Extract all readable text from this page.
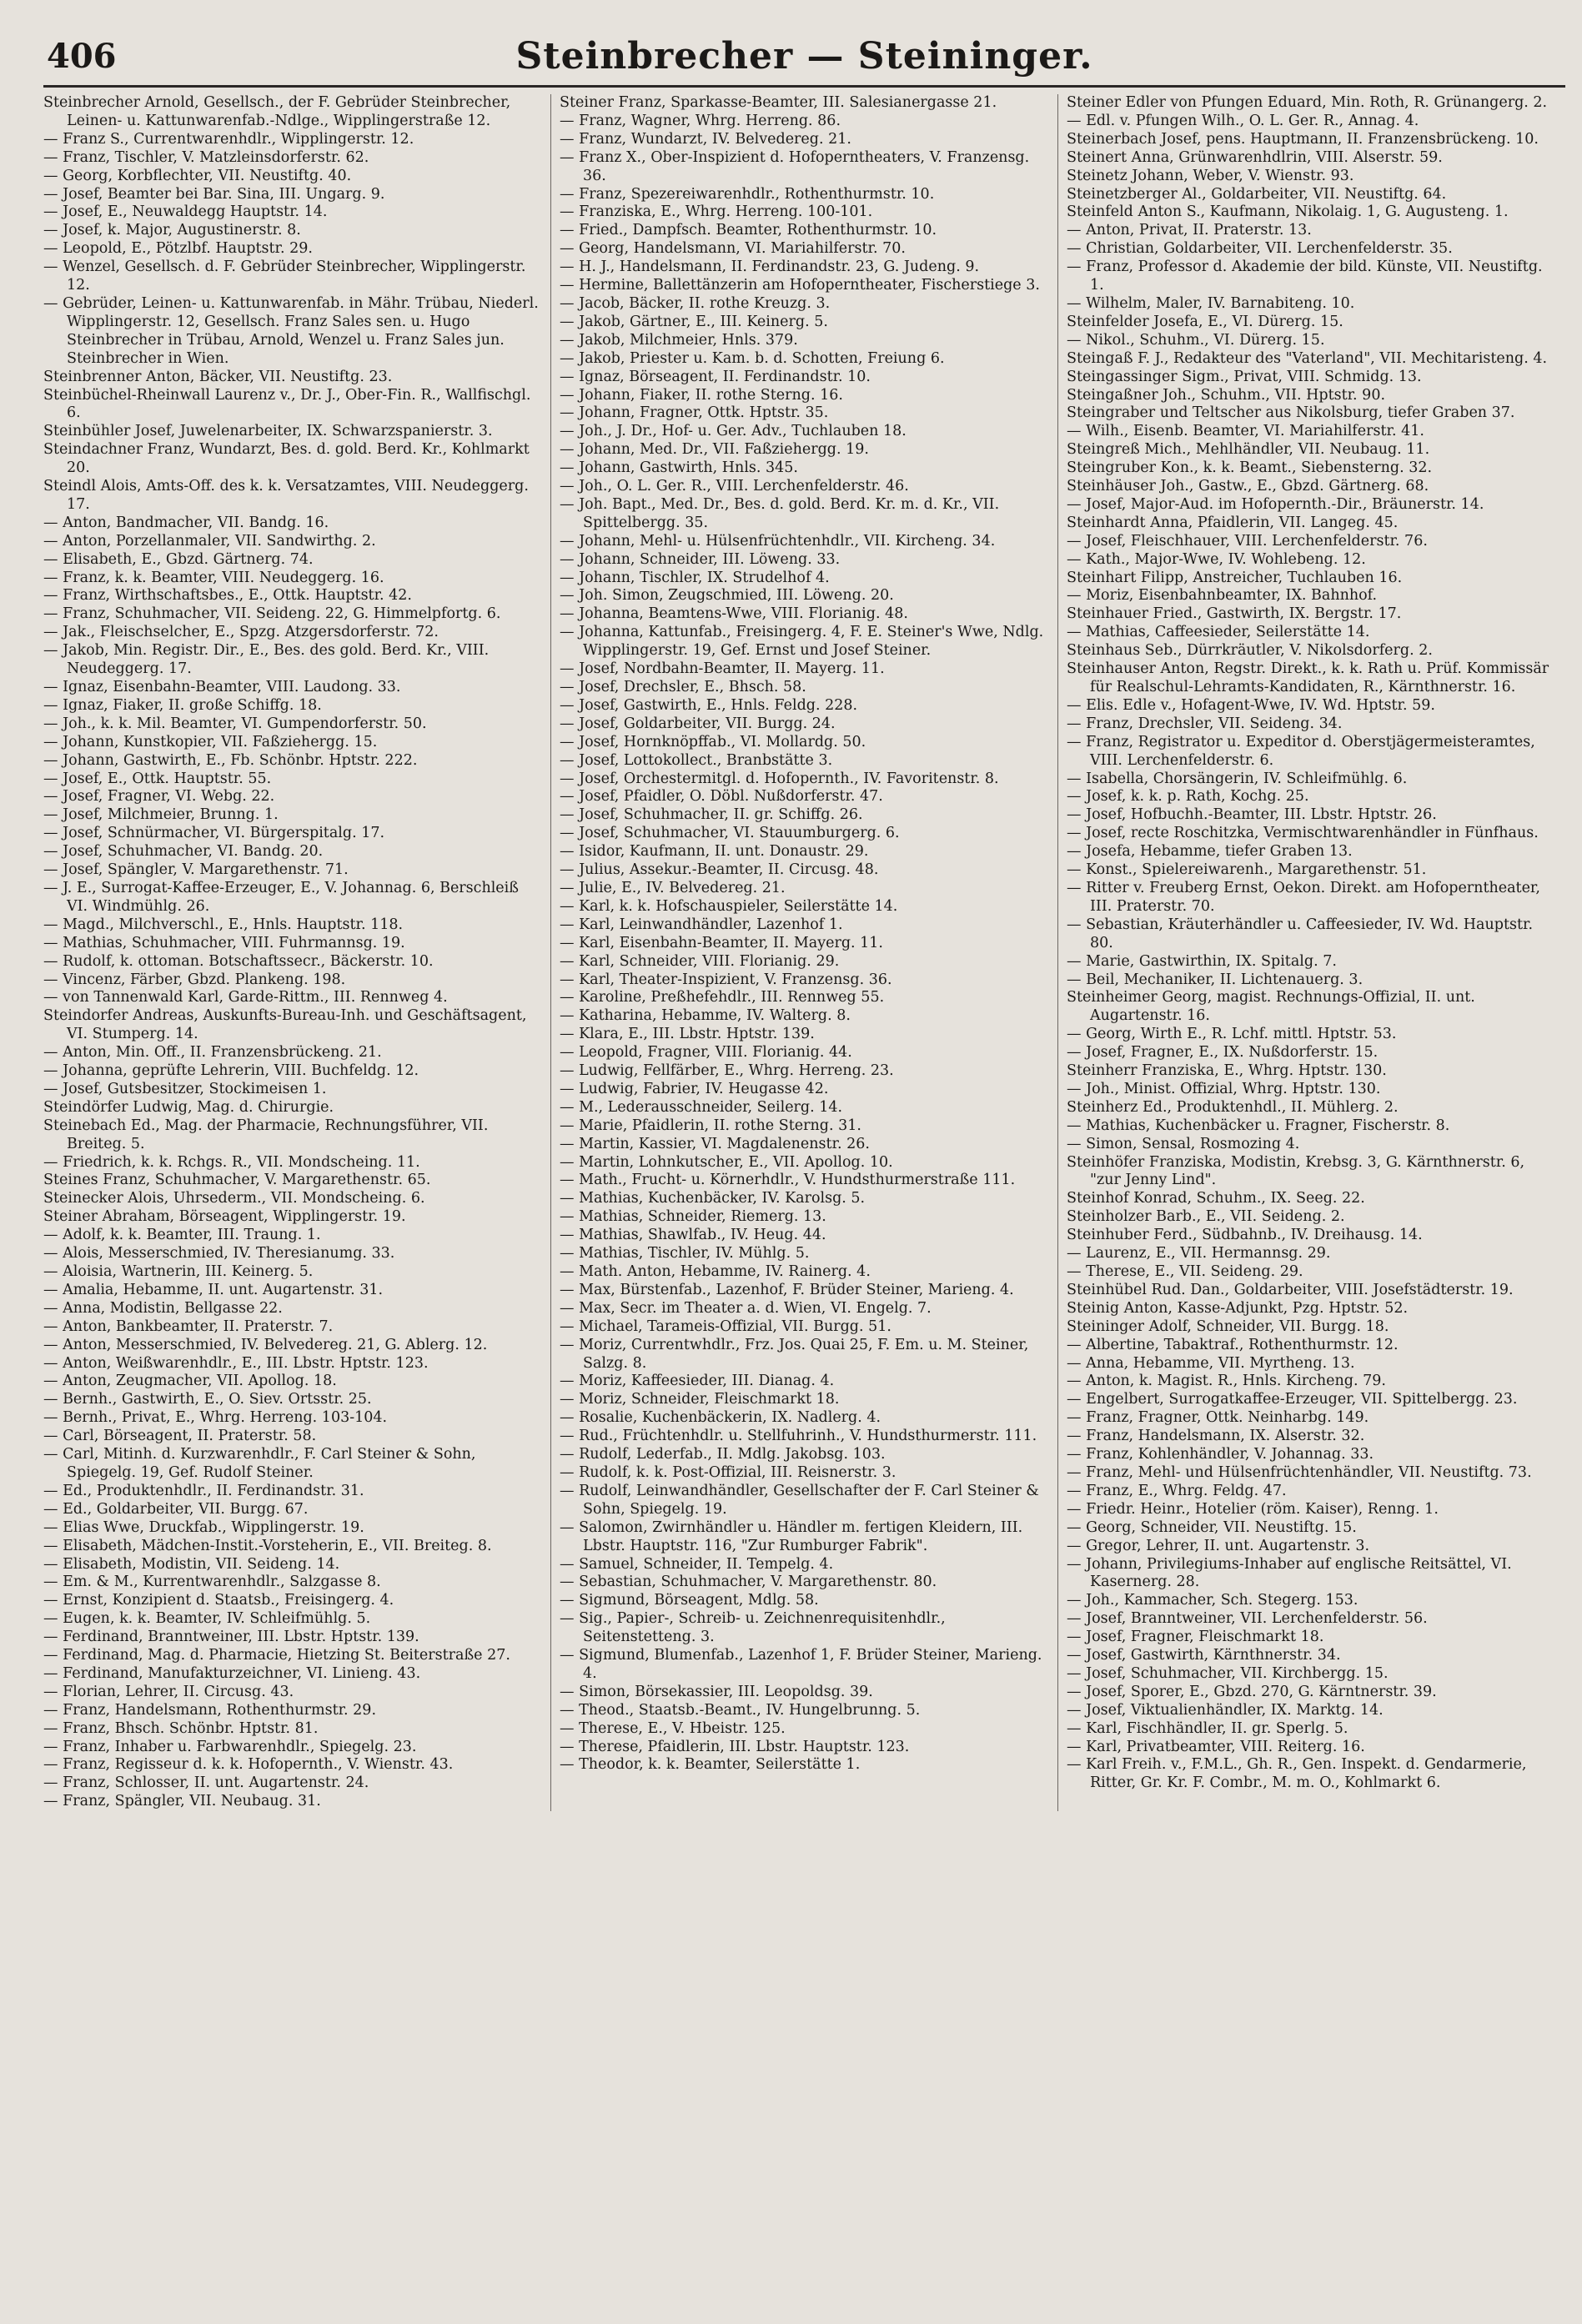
406	Steinbrecher — Steininger.

Steinbrecher Arnold, Gesellsch., der F. Gebrüder Steinbrecher, Leinen- u. Kattunwarenfab.-Ndlge., Wipplingerstraße 12.

— Franz S., Currentwarenhdlr., Wipplingerstr. 12.

— Franz, Tischler, V. Matzleinsdorferstr. 62.

— Georg, Korbflechter, VII. Neustiftg. 40.

— Josef, Beamter bei Bar. Sina, III. Ungarg. 9.

— Josef, E., Neuwaldegg Hauptstr. 14.

— Josef, k. Major, Augustinerstr. 8.

— Leopold, E., Pötzlbf. Hauptstr. 29.

— Wenzel, Gesellsch. d. F. Gebrüder Steinbrecher, Wipplingerstr. 12.

— Gebrüder, Leinen- u. Kattunwarenfab. in Mähr. Trübau, Niederl. Wipplingerstr. 12, Gesellsch. Franz Sales sen. u. Hugo Steinbrecher in Trübau, Arnold, Wenzel u. Franz Sales jun. Steinbrecher in Wien.

Steinbrenner Anton, Bäcker, VII. Neustiftg. 23.

Steinbüchel-Rheinwall Laurenz v., Dr. J., Ober-Fin. R., Wallfischgl. 6.

Steinbühler Josef, Juwelenarbeiter, IX. Schwarzspanierstr. 3.

Steindachner Franz, Wundarzt, Bes. d. gold. Berd. Kr., Kohlmarkt 20.

Steindl Alois, Amts-Off. des k. k. Versatzamtes, VIII. Neudeggerg. 17.

— Anton, Bandmacher, VII. Bandg. 16.

— Anton, Porzellanmaler, VII. Sandwirthg. 2.

— Elisabeth, E., Gbzd. Gärtnerg. 74.

— Franz, k. k. Beamter, VIII. Neudeggerg. 16.

— Franz, Wirthschaftsbes., E., Ottk. Hauptstr. 42.

— Franz, Schuhmacher, VII. Seideng. 22, G. Himmelpfortg. 6.

— Jak., Fleischselcher, E., Spzg. Atzgersdorferstr. 72.

— Jakob, Min. Registr. Dir., E., Bes. des gold. Berd. Kr., VIII. Neudeggerg. 17.

— Ignaz, Eisenbahn-Beamter, VIII. Laudong. 33.

— Ignaz, Fiaker, II. große Schiffg. 18.

— Joh., k. k. Mil. Beamter, VI. Gumpendorferstr. 50.

— Johann, Kunstkopier, VII. Faßziehergg. 15.

— Johann, Gastwirth, E., Fb. Schönbr. Hptstr. 222.

— Josef, E., Ottk. Hauptstr. 55.

— Josef, Fragner, VI. Webg. 22.

— Josef, Milchmeier, Brunng. 1.

— Josef, Schnürmacher, VI. Bürgerspitalg. 17.

— Josef, Schuhmacher, VI. Bandg. 20.

— Josef, Spängler, V. Margarethenstr. 71.

— J. E., Surrogat-Kaffee-Erzeuger, E., V. Johannag. 6, Berschleiß VI. Windmühlg. 26.

— Magd., Milchverschl., E., Hnls. Hauptstr. 118.

— Mathias, Schuhmacher, VIII. Fuhrmannsg. 19.

— Rudolf, k. ottoman. Botschaftssecr., Bäckerstr. 10.

— Vincenz, Färber, Gbzd. Plankeng. 198.

— von Tannenwald Karl, Garde-Rittm., III. Rennweg 4.

Steindorfer Andreas, Auskunfts-Bureau-Inh. und Geschäftsagent, VI. Stumperg. 14.

— Anton, Min. Off., II. Franzensbrückeng. 21.

— Johanna, geprüfte Lehrerin, VIII. Buchfeldg. 12.

— Josef, Gutsbesitzer, Stockimeisen 1.

Steindörfer Ludwig, Mag. d. Chirurgie.

Steinebach Ed., Mag. der Pharmacie, Rechnungsführer, VII. Breiteg. 5.

— Friedrich, k. k. Rchgs. R., VII. Mondscheing. 11.

Steines Franz, Schuhmacher, V. Margarethenstr. 65.

Steinecker Alois, Uhrsederm., VII. Mondscheing. 6.

Steiner Abraham, Börseagent, Wipplingerstr. 19.

— Adolf, k. k. Beamter, III. Traung. 1.

— Alois, Messerschmied, IV. Theresianumg. 33.

— Aloisia, Wartnerin, III. Keinerg. 5.

— Amalia, Hebamme, II. unt. Augartenstr. 31.

— Anna, Modistin, Bellgasse 22.

— Anton, Bankbeamter, II. Praterstr. 7.

— Anton, Messerschmied, IV. Belvedereg. 21, G. Ablerg. 12.

— Anton, Weißwarenhdlr., E., III. Lbstr. Hptstr. 123.

— Anton, Zeugmacher, VII. Apollog. 18.

— Bernh., Gastwirth, E., O. Siev. Ortsstr. 25.

— Bernh., Privat, E., Whrg. Herreng. 103-104.

— Carl, Börseagent, II. Praterstr. 58.

— Carl, Mitinh. d. Kurzwarenhdlr., F. Carl Steiner & Sohn, Spiegelg. 19, Gef. Rudolf Steiner.

— Ed., Produktenhdlr., II. Ferdinandstr. 31.

— Ed., Goldarbeiter, VII. Burgg. 67.

— Elias Wwe, Druckfab., Wipplingerstr. 19.

— Elisabeth, Mädchen-Instit.-Vorsteherin, E., VII. Breiteg. 8.

— Elisabeth, Modistin, VII. Seideng. 14.

— Em. & M., Kurrentwarenhdlr., Salzgasse 8.

— Ernst, Konzipient d. Staatsb., Freisingerg. 4.

— Eugen, k. k. Beamter, IV. Schleifmühlg. 5.

— Ferdinand, Branntweiner, III. Lbstr. Hptstr. 139.

— Ferdinand, Mag. d. Pharmacie, Hietzing St. Beiterstraße 27.

— Ferdinand, Manufakturzeichner, VI. Linieng. 43.

— Florian, Lehrer, II. Circusg. 43.

— Franz, Handelsmann, Rothenthurmstr. 29.

— Franz, Bhsch. Schönbr. Hptstr. 81.

— Franz, Inhaber u. Farbwarenhdlr., Spiegelg. 23.

— Franz, Regisseur d. k. k. Hofopernth., V. Wienstr. 43.

— Franz, Schlosser, II. unt. Augartenstr. 24.

— Franz, Spängler, VII. Neubaug. 31.

Steiner Franz, Sparkasse-Beamter, III. Salesianergasse 21.

— Franz, Wagner, Whrg. Herreng. 86.

— Franz, Wundarzt, IV. Belvedereg. 21.

— Franz X., Ober-Inspizient d. Hofoperntheaters, V. Franzensg. 36.

— Franz, Spezereiwarenhdlr., Rothenthurmstr. 10.

— Franziska, E., Whrg. Herreng. 100-101.

— Fried., Dampfsch. Beamter, Rothenthurmstr. 10.

— Georg, Handelsmann, VI. Mariahilferstr. 70.

— H. J., Handelsmann, II. Ferdinandstr. 23, G. Judeng. 9.

— Hermine, Ballettänzerin am Hofoperntheater, Fischerstiege 3.

— Jacob, Bäcker, II. rothe Kreuzg. 3.

— Jakob, Gärtner, E., III. Keinerg. 5.

— Jakob, Milchmeier, Hnls. 379.

— Jakob, Priester u. Kam. b. d. Schotten, Freiung 6.

— Ignaz, Börseagent, II. Ferdinandstr. 10.

— Johann, Fiaker, II. rothe Sterng. 16.

— Johann, Fragner, Ottk. Hptstr. 35.

— Joh., J. Dr., Hof- u. Ger. Adv., Tuchlauben 18.

— Johann, Med. Dr., VII. Faßziehergg. 19.

— Johann, Gastwirth, Hnls. 345.

— Joh., O. L. Ger. R., VIII. Lerchenfelderstr. 46.

— Joh. Bapt., Med. Dr., Bes. d. gold. Berd. Kr. m. d. Kr., VII. Spittelbergg. 35.

— Johann, Mehl- u. Hülsenfrüchtenhdlr., VII. Kircheng. 34.

— Johann, Schneider, III. Löweng. 33.

— Johann, Tischler, IX. Strudelhof 4.

— Joh. Simon, Zeugschmied, III. Löweng. 20.

— Johanna, Beamtens-Wwe, VIII. Florianig. 48.

— Johanna, Kattunfab., Freisingerg. 4, F. E. Steiner's Wwe, Ndlg. Wipplingerstr. 19, Gef. Ernst und Josef Steiner.

— Josef, Nordbahn-Beamter, II. Mayerg. 11.

— Josef, Drechsler, E., Bhsch. 58.

— Josef, Gastwirth, E., Hnls. Feldg. 228.

— Josef, Goldarbeiter, VII. Burgg. 24.

— Josef, Hornknöpffab., VI. Mollardg. 50.

— Josef, Lottokollect., Branbstätte 3.

— Josef, Orchestermitgl. d. Hofopernth., IV. Favoritenstr. 8.

— Josef, Pfaidler, O. Döbl. Nußdorferstr. 47.

— Josef, Schuhmacher, II. gr. Schiffg. 26.

— Josef, Schuhmacher, VI. Stauumburgerg. 6.

— Isidor, Kaufmann, II. unt. Donaustr. 29.

— Julius, Assekur.-Beamter, II. Circusg. 48.

— Julie, E., IV. Belvedereg. 21.

— Karl, k. k. Hofschauspieler, Seilerstätte 14.

— Karl, Leinwandhändler, Lazenhof 1.

— Karl, Eisenbahn-Beamter, II. Mayerg. 11.

— Karl, Schneider, VIII. Florianig. 29.

— Karl, Theater-Inspizient, V. Franzensg. 36.

— Karoline, Preßhefehdlr., III. Rennweg 55.

— Katharina, Hebamme, IV. Walterg. 8.

— Klara, E., III. Lbstr. Hptstr. 139.

— Leopold, Fragner, VIII. Florianig. 44.

— Ludwig, Fellfärber, E., Whrg. Herreng. 23.

— Ludwig, Fabrier, IV. Heugasse 42.

— M., Lederausschneider, Seilerg. 14.

— Marie, Pfaidlerin, II. rothe Sterng. 31.

— Martin, Kassier, VI. Magdalenenstr. 26.

— Martin, Lohnkutscher, E., VII. Apollog. 10.

— Math., Frucht- u. Körnerhdlr., V. Hundsthurmerstraße 111.

— Mathias, Kuchenbäcker, IV. Karolsg. 5.

— Mathias, Schneider, Riemerg. 13.

— Mathias, Shawlfab., IV. Heug. 44.

— Mathias, Tischler, IV. Mühlg. 5.

— Math. Anton, Hebamme, IV. Rainerg. 4.

— Max, Bürstenfab., Lazenhof, F. Brüder Steiner, Marieng. 4.

— Max, Secr. im Theater a. d. Wien, VI. Engelg. 7.

— Michael, Tarameis-Offizial, VII. Burgg. 51.

— Moriz, Currentwhdlr., Frz. Jos. Quai 25, F. Em. u. M. Steiner, Salzg. 8.

— Moriz, Kaffeesieder, III. Dianag. 4.

— Moriz, Schneider, Fleischmarkt 18.

— Rosalie, Kuchenbäckerin, IX. Nadlerg. 4.

— Rud., Früchtenhdlr. u. Stellfuhrinh., V. Hundsthurmerstr. 111.

— Rudolf, Lederfab., II. Mdlg. Jakobsg. 103.

— Rudolf, k. k. Post-Offizial, III. Reisnerstr. 3.

— Rudolf, Leinwandhändler, Gesellschafter der F. Carl Steiner & Sohn, Spiegelg. 19.

— Salomon, Zwirnhändler u. Händler m. fertigen Kleidern, III. Lbstr. Hauptstr. 116, "Zur Rumburger Fabrik".

— Samuel, Schneider, II. Tempelg. 4.

— Sebastian, Schuhmacher, V. Margarethenstr. 80.

— Sigmund, Börseagent, Mdlg. 58.

— Sig., Papier-, Schreib- u. Zeichnenrequisitenhdlr., Seitenstetteng. 3.

— Sigmund, Blumenfab., Lazenhof 1, F. Brüder Steiner, Marieng. 4.

— Simon, Börsekassier, III. Leopoldsg. 39.

— Theod., Staatsb.-Beamt., IV. Hungelbrunng. 5.

— Therese, E., V. Hbeistr. 125.

— Therese, Pfaidlerin, III. Lbstr. Hauptstr. 123.

— Theodor, k. k. Beamter, Seilerstätte 1.

Steiner Edler von Pfungen Eduard, Min. Roth, R. Grünangerg. 2.

— Edl. v. Pfungen Wilh., O. L. Ger. R., Annag. 4.

Steinerbach Josef, pens. Hauptmann, II. Franzensbrückeng. 10.

Steinert Anna, Grünwarenhdlrin, VIII. Alserstr. 59.

Steinetz Johann, Weber, V. Wienstr. 93.

Steinetzberger Al., Goldarbeiter, VII. Neustiftg. 64.

Steinfeld Anton S., Kaufmann, Nikolaig. 1, G. Augusteng. 1.

— Anton, Privat, II. Praterstr. 13.

— Christian, Goldarbeiter, VII. Lerchenfelderstr. 35.

— Franz, Professor d. Akademie der bild. Künste, VII. Neustiftg. 1.

— Wilhelm, Maler, IV. Barnabiteng. 10.

Steinfelder Josefa, E., VI. Dürerg. 15.

— Nikol., Schuhm., VI. Dürerg. 15.

Steingaß F. J., Redakteur des "Vaterland", VII. Mechitaristeng. 4.

Steingassinger Sigm., Privat, VIII. Schmidg. 13.

Steingaßner Joh., Schuhm., VII. Hptstr. 90.

Steingraber und Teltscher aus Nikolsburg, tiefer Graben 37.

— Wilh., Eisenb. Beamter, VI. Mariahilferstr. 41.

Steingreß Mich., Mehlhändler, VII. Neubaug. 11.

Steingruber Kon., k. k. Beamt., Siebensterng. 32.

Steinhäuser Joh., Gastw., E., Gbzd. Gärtnerg. 68.

— Josef, Major-Aud. im Hofopernth.-Dir., Bräunerstr. 14.

Steinhardt Anna, Pfaidlerin, VII. Langeg. 45.

— Josef, Fleischhauer, VIII. Lerchenfelderstr. 76.

— Kath., Major-Wwe, IV. Wohlebeng. 12.

Steinhart Filipp, Anstreicher, Tuchlauben 16.

— Moriz, Eisenbahnbeamter, IX. Bahnhof.

Steinhauer Fried., Gastwirth, IX. Bergstr. 17.

— Mathias, Caffeesieder, Seilerstätte 14.

Steinhaus Seb., Dürrkräutler, V. Nikolsdorferg. 2.

Steinhauser Anton, Regstr. Direkt., k. k. Rath u. Prüf. Kommissär für Realschul-Lehramts-Kandidaten, R., Kärnthnerstr. 16.

— Elis. Edle v., Hofagent-Wwe, IV. Wd. Hptstr. 59.

— Franz, Drechsler, VII. Seideng. 34.

— Franz, Registrator u. Expeditor d. Oberstjägermeisteramtes, VIII. Lerchenfelderstr. 6.

— Isabella, Chorsängerin, IV. Schleifmühlg. 6.

— Josef, k. k. p. Rath, Kochg. 25.

— Josef, Hofbuchh.-Beamter, III. Lbstr. Hptstr. 26.

— Josef, recte Roschitzka, Vermischtwarenhändler in Fünfhaus.

— Josefa, Hebamme, tiefer Graben 13.

— Konst., Spielereiwarenh., Margarethenstr. 51.

— Ritter v. Freuberg Ernst, Oekon. Direkt. am Hofoperntheater, III. Praterstr. 70.

— Sebastian, Kräuterhändler u. Caffeesieder, IV. Wd. Hauptstr. 80.

— Marie, Gastwirthin, IX. Spitalg. 7.

— Beil, Mechaniker, II. Lichtenauerg. 3.

Steinheimer Georg, magist. Rechnungs-Offizial, II. unt. Augartenstr. 16.

— Georg, Wirth E., R. Lchf. mittl. Hptstr. 53.

— Josef, Fragner, E., IX. Nußdorferstr. 15.

Steinherr Franziska, E., Whrg. Hptstr. 130.

— Joh., Minist. Offizial, Whrg. Hptstr. 130.

Steinherz Ed., Produktenhdl., II. Mühlerg. 2.

— Mathias, Kuchenbäcker u. Fragner, Fischerstr. 8.

— Simon, Sensal, Rosmozing 4.

Steinhöfer Franziska, Modistin, Krebsg. 3, G. Kärnthnerstr. 6, "zur Jenny Lind".

Steinhof Konrad, Schuhm., IX. Seeg. 22.

Steinholzer Barb., E., VII. Seideng. 2.

Steinhuber Ferd., Südbahnb., IV. Dreihausg. 14.

— Laurenz, E., VII. Hermannsg. 29.

— Therese, E., VII. Seideng. 29.

Steinhübel Rud. Dan., Goldarbeiter, VIII. Josefstädterstr. 19.

Steinig Anton, Kasse-Adjunkt, Pzg. Hptstr. 52.

Steininger Adolf, Schneider, VII. Burgg. 18.

— Albertine, Tabaktraf., Rothenthurmstr. 12.

— Anna, Hebamme, VII. Myrtheng. 13.

— Anton, k. Magist. R., Hnls. Kircheng. 79.

— Engelbert, Surrogatkaffee-Erzeuger, VII. Spittelbergg. 23.

— Franz, Fragner, Ottk. Neinharbg. 149.

— Franz, Handelsmann, IX. Alserstr. 32.

— Franz, Kohlenhändler, V. Johannag. 33.

— Franz, Mehl- und Hülsenfrüchtenhändler, VII. Neustiftg. 73.

— Franz, E., Whrg. Feldg. 47.

— Friedr. Heinr., Hotelier (röm. Kaiser), Renng. 1.

— Georg, Schneider, VII. Neustiftg. 15.

— Gregor, Lehrer, II. unt. Augartenstr. 3.

— Johann, Privilegiums-Inhaber auf englische Reitsättel, VI. Kasernerg. 28.

— Joh., Kammacher, Sch. Stegerg. 153.

— Josef, Branntweiner, VII. Lerchenfelderstr. 56.

— Josef, Fragner, Fleischmarkt 18.

— Josef, Gastwirth, Kärnthnerstr. 34.

— Josef, Schuhmacher, VII. Kirchbergg. 15.

— Josef, Sporer, E., Gbzd. 270, G. Kärntnerstr. 39.

— Josef, Viktualienhändler, IX. Marktg. 14.

— Karl, Fischhändler, II. gr. Sperlg. 5.

— Karl, Privatbeamter, VIII. Reiterg. 16.

— Karl Freih. v., F.M.L., Gh. R., Gen. Inspekt. d. Gendarmerie, Ritter, Gr. Kr. F. Combr., M. m. O., Kohlmarkt 6.
